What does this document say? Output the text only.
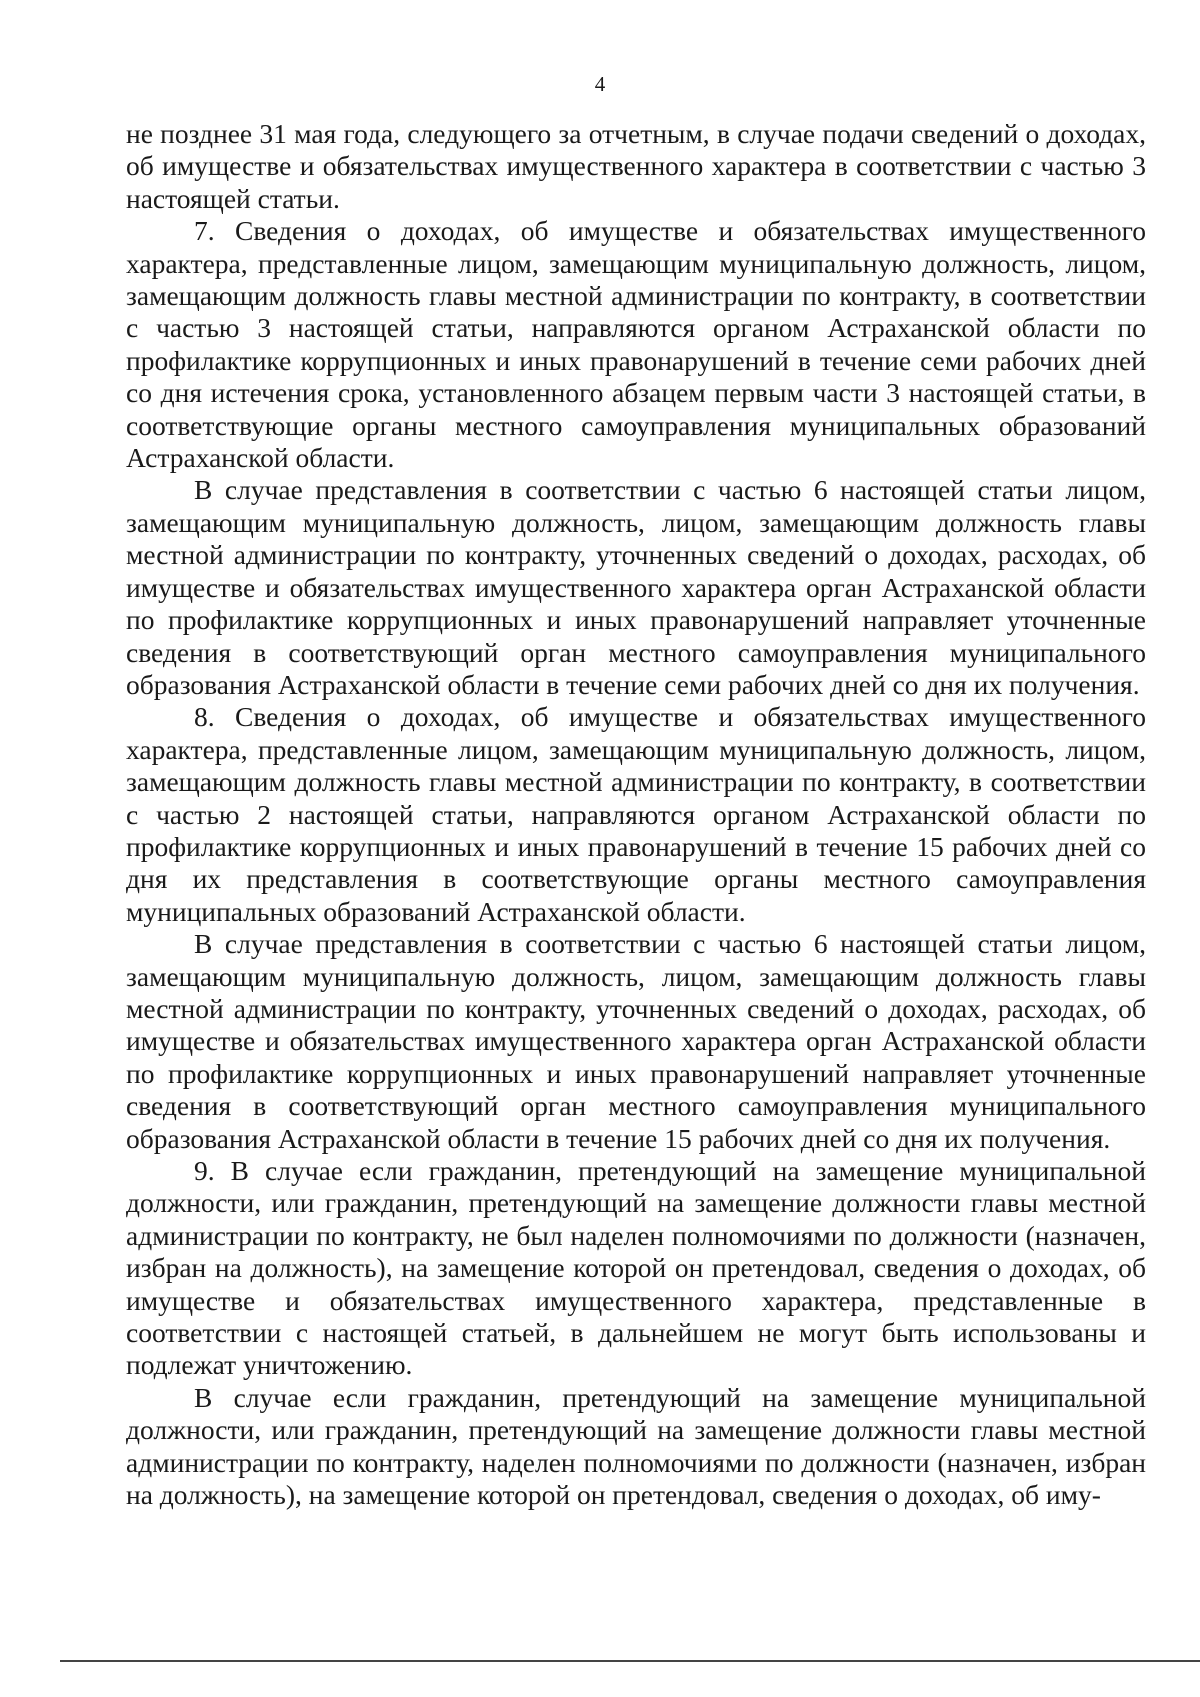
4

не позднее 31 мая года, следующего за отчетным, в случае подачи сведений о доходах, об имуществе и обязательствах имущественного характера в соответствии с частью 3 настоящей статьи.

7. Сведения о доходах, об имуществе и обязательствах имущественного характера, представленные лицом, замещающим муниципальную должность, лицом, замещающим должность главы местной администрации по контракту, в соответствии с частью 3 настоящей статьи, направляются органом Астраханской области по профилактике коррупционных и иных правонарушений в течение семи рабочих дней со дня истечения срока, установленного абзацем первым части 3 настоящей статьи, в соответствующие органы местного самоуправления муниципальных образований Астраханской области.

В случае представления в соответствии с частью 6 настоящей статьи лицом, замещающим муниципальную должность, лицом, замещающим должность главы местной администрации по контракту, уточненных сведений о доходах, расходах, об имуществе и обязательствах имущественного характера орган Астраханской области по профилактике коррупционных и иных правонарушений направляет уточненные сведения в соответствующий орган местного самоуправления муниципального образования Астраханской области в течение семи рабочих дней со дня их получения.

8. Сведения о доходах, об имуществе и обязательствах имущественного характера, представленные лицом, замещающим муниципальную должность, лицом, замещающим должность главы местной администрации по контракту, в соответствии с частью 2 настоящей статьи, направляются органом Астраханской области по профилактике коррупционных и иных правонарушений в течение 15 рабочих дней со дня их представления в соответствующие органы местного самоуправления муниципальных образований Астраханской области.

В случае представления в соответствии с частью 6 настоящей статьи лицом, замещающим муниципальную должность, лицом, замещающим должность главы местной администрации по контракту, уточненных сведений о доходах, расходах, об имуществе и обязательствах имущественного характера орган Астраханской области по профилактике коррупционных и иных правонарушений направляет уточненные сведения в соответствующий орган местного самоуправления муниципального образования Астраханской области в течение 15 рабочих дней со дня их получения.

9. В случае если гражданин, претендующий на замещение муниципальной должности, или гражданин, претендующий на замещение должности главы местной администрации по контракту, не был наделен полномочиями по должности (назначен, избран на должность), на замещение которой он претендовал, сведения о доходах, об имуществе и обязательствах имущественного характера, представленные в соответствии с настоящей статьей, в дальнейшем не могут быть использованы и подлежат уничтожению.

В случае если гражданин, претендующий на замещение муниципальной должности, или гражданин, претендующий на замещение должности главы местной администрации по контракту, наделен полномочиями по должности (назначен, избран на должность), на замещение которой он претендовал, сведения о доходах, об иму-
